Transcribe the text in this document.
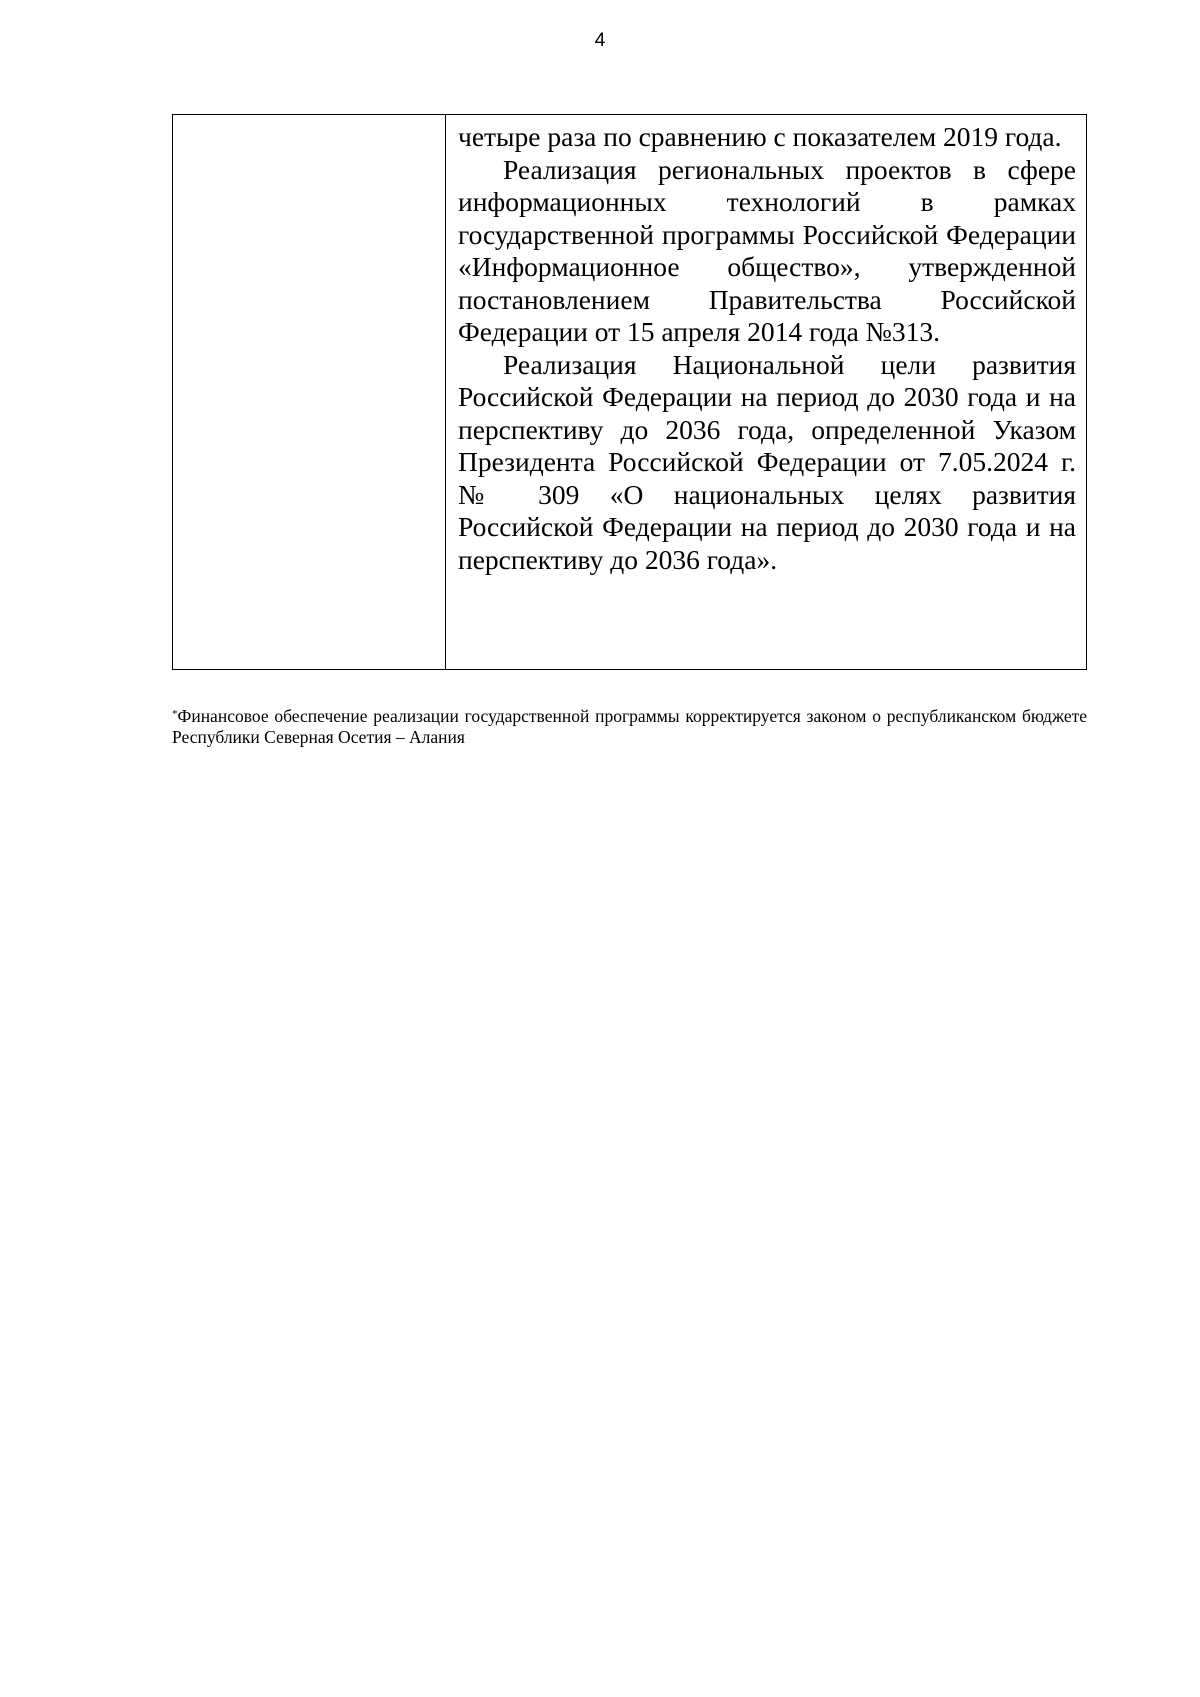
4

четыре раза по сравнению с показателем 2019 года.

Реализация региональных проектов в сфере информационных технологий в рамках государственной программы Российской Федерации «Информационное общество», утвержденной постановлением Правительства Российской Федерации от 15 апреля 2014 года №313.

Реализация Национальной цели развития Российской Федерации на период до 2030 года и на перспективу до 2036 года, определенной Указом Президента Российской Федерации от 7.05.2024 г. № 309 «О национальных целях развития Российской Федерации на период до 2030 года и на перспективу до 2036 года».

*Финансовое обеспечение реализации государственной программы корректируется законом о республиканском бюджете Республики Северная Осетия – Алания
